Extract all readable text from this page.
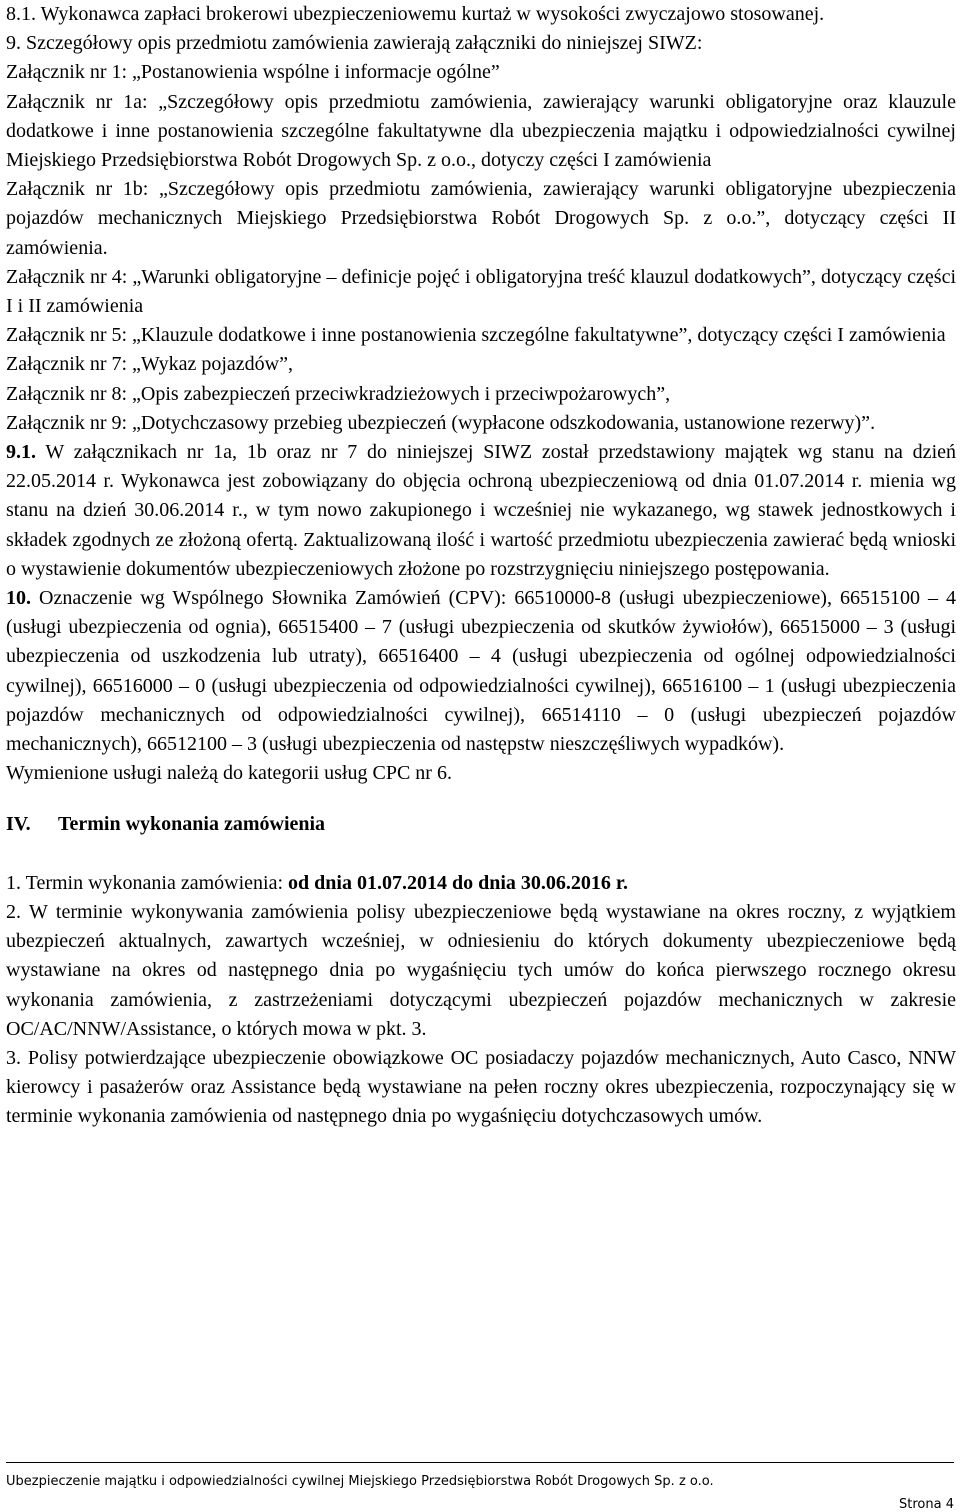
8.1. Wykonawca zapłaci brokerowi ubezpieczeniowemu kurtaż w wysokości zwyczajowo stosowanej.

9. Szczegółowy opis przedmiotu zamówienia zawierają załączniki do niniejszej SIWZ:

Załącznik nr 1: „Postanowienia wspólne i informacje ogólne”

Załącznik nr 1a: „Szczegółowy opis przedmiotu zamówienia, zawierający warunki obligatoryjne oraz klauzule dodatkowe i inne postanowienia szczególne fakultatywne dla ubezpieczenia majątku i odpowiedzialności cywilnej Miejskiego Przedsiębiorstwa Robót Drogowych Sp. z o.o., dotyczy części I zamówienia

Załącznik nr 1b: „Szczegółowy opis przedmiotu zamówienia, zawierający warunki obligatoryjne ubezpieczenia pojazdów mechanicznych Miejskiego Przedsiębiorstwa Robót Drogowych Sp. z o.o.”, dotyczący części II zamówienia.

Załącznik nr 4: „Warunki obligatoryjne – definicje pojęć i obligatoryjna treść klauzul dodatkowych”, dotyczący części I i II zamówienia

Załącznik nr 5: „Klauzule dodatkowe i inne postanowienia szczególne fakultatywne”, dotyczący części I zamówienia

Załącznik nr 7: „Wykaz pojazdów”,

Załącznik nr 8: „Opis zabezpieczeń przeciwkradzieżowych i przeciwpożarowych”,

Załącznik nr 9: „Dotychczasowy przebieg ubezpieczeń (wypłacone odszkodowania, ustanowione rezerwy)”.

9.1. W załącznikach nr 1a, 1b oraz nr 7 do niniejszej SIWZ został przedstawiony majątek wg stanu na dzień 22.05.2014 r. Wykonawca jest zobowiązany do objęcia ochroną ubezpieczeniową od dnia 01.07.2014 r. mienia wg stanu na dzień 30.06.2014 r., w tym nowo zakupionego i wcześniej nie wykazanego, wg stawek jednostkowych i składek zgodnych ze złożoną ofertą. Zaktualizowaną ilość i wartość przedmiotu ubezpieczenia zawierać będą wnioski o wystawienie dokumentów ubezpieczeniowych złożone po rozstrzygnięciu niniejszego postępowania.

10. Oznaczenie wg Wspólnego Słownika Zamówień (CPV): 66510000-8 (usługi ubezpieczeniowe), 66515100 – 4 (usługi ubezpieczenia od ognia), 66515400 – 7 (usługi ubezpieczenia od skutków żywiołów), 66515000 – 3 (usługi ubezpieczenia od uszkodzenia lub utraty), 66516400 – 4 (usługi ubezpieczenia od ogólnej odpowiedzialności cywilnej), 66516000 – 0 (usługi ubezpieczenia od odpowiedzialności cywilnej), 66516100 – 1 (usługi ubezpieczenia pojazdów mechanicznych od odpowiedzialności cywilnej), 66514110 – 0 (usługi ubezpieczeń pojazdów mechanicznych), 66512100 – 3 (usługi ubezpieczenia od następstw nieszczęśliwych wypadków).

Wymienione usługi należą do kategorii usług CPC nr 6.

IV. Termin wykonania zamówienia

1. Termin wykonania zamówienia: od dnia 01.07.2014 do dnia 30.06.2016 r.

2. W terminie wykonywania zamówienia polisy ubezpieczeniowe będą wystawiane na okres roczny, z wyjątkiem ubezpieczeń aktualnych, zawartych wcześniej, w odniesieniu do których dokumenty ubezpieczeniowe będą wystawiane na okres od następnego dnia po wygaśnięciu tych umów do końca pierwszego rocznego okresu wykonania zamówienia, z zastrzeżeniami dotyczącymi ubezpieczeń pojazdów mechanicznych w zakresie OC/AC/NNW/Assistance, o których mowa w pkt. 3.

3. Polisy potwierdzające ubezpieczenie obowiązkowe OC posiadaczy pojazdów mechanicznych, Auto Casco, NNW kierowcy i pasażerów oraz Assistance będą wystawiane na pełen roczny okres ubezpieczenia, rozpoczynający się w terminie wykonania zamówienia od następnego dnia po wygaśnięciu dotychczasowych umów.

Ubezpieczenie majątku i odpowiedzialności cywilnej Miejskiego Przedsiębiorstwa Robót Drogowych Sp. z o.o.
Strona 4
